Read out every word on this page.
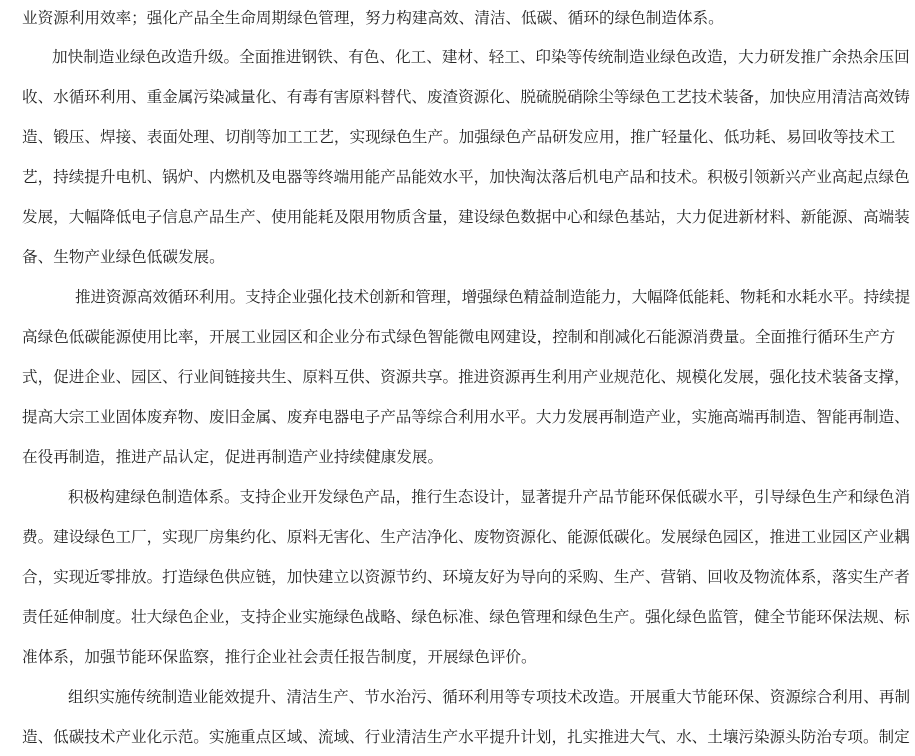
业资源利用效率；强化产品全生命周期绿色管理，努力构建高效、清洁、低碳、循环的绿色制造体系。
加快制造业绿色改造升级。全面推进钢铁、有色、化工、建材、轻工、印染等传统制造业绿色改造，大力研发推广余热余压回
收、水循环利用、重金属污染减量化、有毒有害原料替代、废渣资源化、脱硫脱硝除尘等绿色工艺技术装备，加快应用清洁高效铸
造、锻压、焊接、表面处理、切削等加工工艺，实现绿色生产。加强绿色产品研发应用，推广轻量化、低功耗、易回收等技术工
艺，持续提升电机、锅炉、内燃机及电器等终端用能产品能效水平，加快淘汰落后机电产品和技术。积极引领新兴产业高起点绿色
发展，大幅降低电子信息产品生产、使用能耗及限用物质含量，建设绿色数据中心和绿色基站，大力促进新材料、新能源、高端装
备、生物产业绿色低碳发展。
推进资源高效循环利用。支持企业强化技术创新和管理，增强绿色精益制造能力，大幅降低能耗、物耗和水耗水平。持续提
高绿色低碳能源使用比率，开展工业园区和企业分布式绿色智能微电网建设，控制和削减化石能源消费量。全面推行循环生产方
式，促进企业、园区、行业间链接共生、原料互供、资源共享。推进资源再生利用产业规范化、规模化发展，强化技术装备支撑，
提高大宗工业固体废弃物、废旧金属、废弃电器电子产品等综合利用水平。大力发展再制造产业，实施高端再制造、智能再制造、
在役再制造，推进产品认定，促进再制造产业持续健康发展。
积极构建绿色制造体系。支持企业开发绿色产品，推行生态设计，显著提升产品节能环保低碳水平，引导绿色生产和绿色消
费。建设绿色工厂，实现厂房集约化、原料无害化、生产洁净化、废物资源化、能源低碳化。发展绿色园区，推进工业园区产业耦
合，实现近零排放。打造绿色供应链，加快建立以资源节约、环境友好为导向的采购、生产、营销、回收及物流体系，落实生产者
责任延伸制度。壮大绿色企业，支持企业实施绿色战略、绿色标准、绿色管理和绿色生产。强化绿色监管，健全节能环保法规、标
准体系，加强节能环保监察，推行企业社会责任报告制度，开展绿色评价。
组织实施传统制造业能效提升、清洁生产、节水治污、循环利用等专项技术改造。开展重大节能环保、资源综合利用、再制
造、低碳技术产业化示范。实施重点区域、流域、行业清洁生产水平提升计划，扎实推进大气、水、土壤污染源头防治专项。制定
